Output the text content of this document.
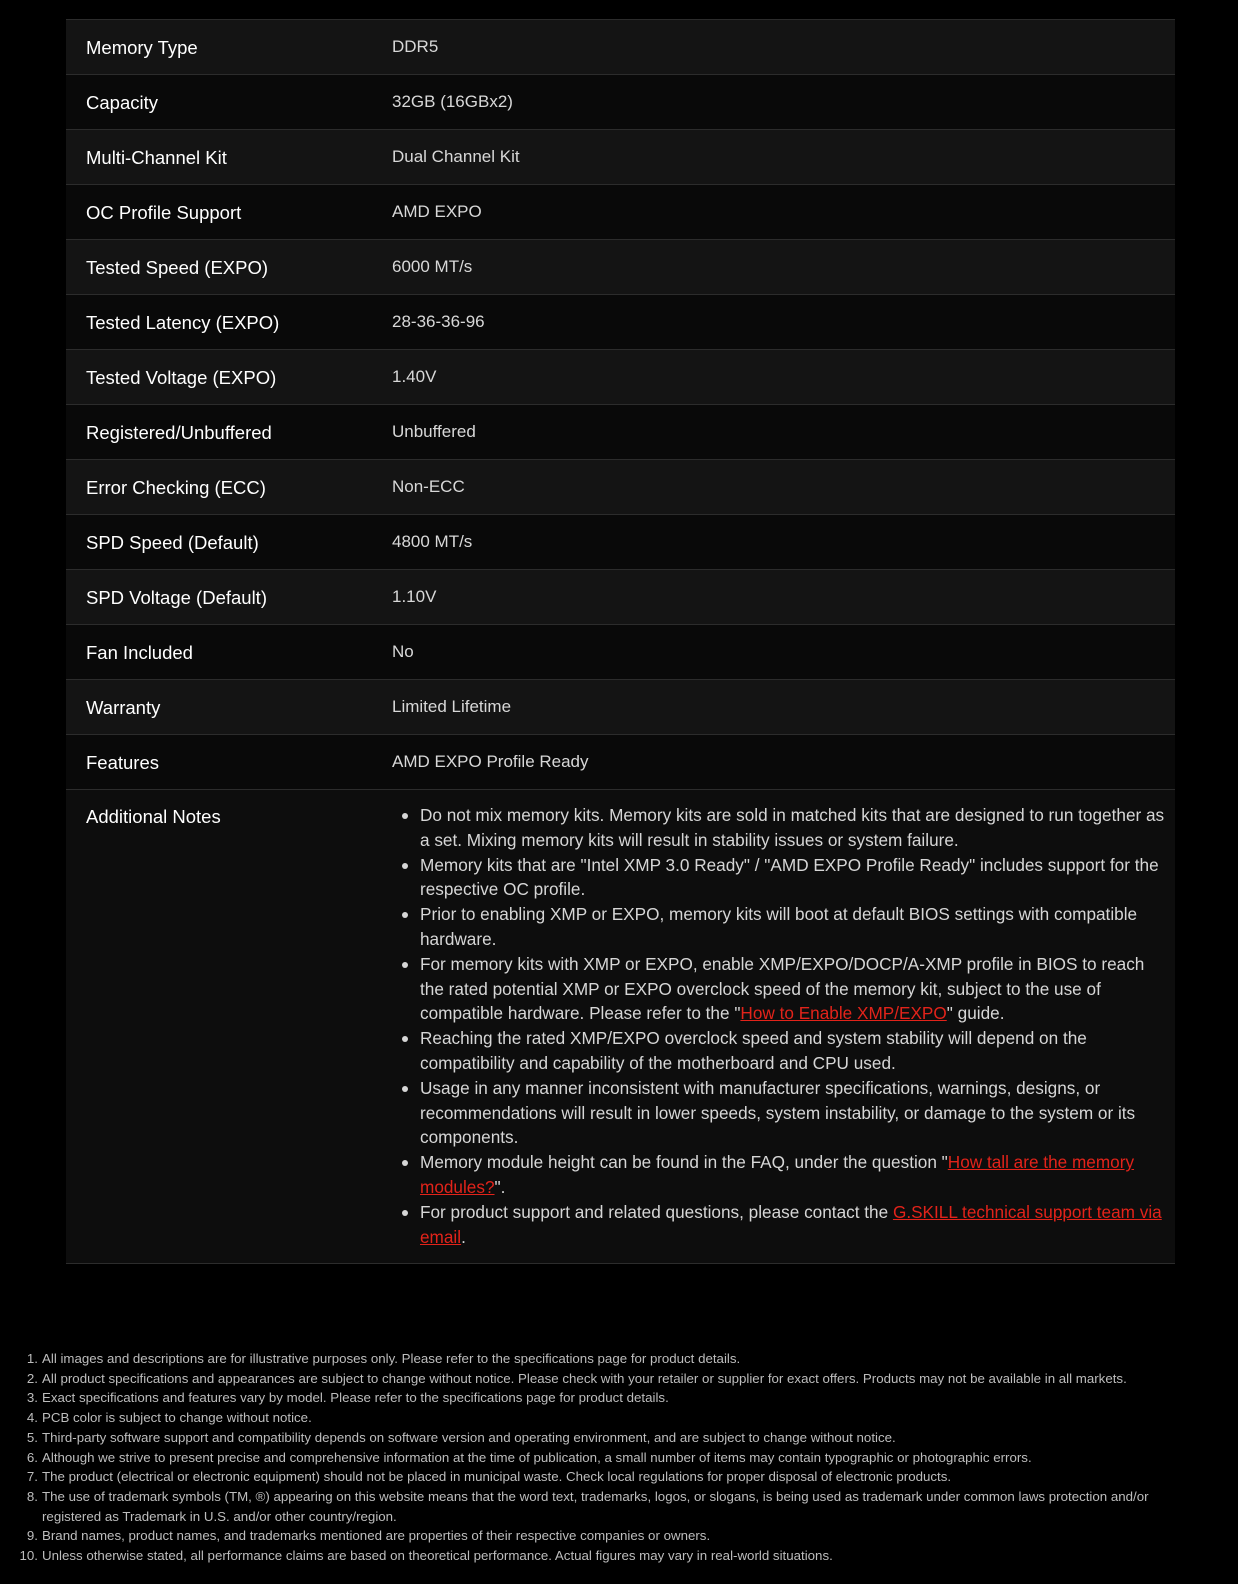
Memory Type	DDR5
Capacity	32GB (16GBx2)
Multi-Channel Kit	Dual Channel Kit
OC Profile Support	AMD EXPO
Tested Speed (EXPO)	6000 MT/s
Tested Latency (EXPO)	28-36-36-96
Tested Voltage (EXPO)	1.40V
Registered/Unbuffered	Unbuffered
Error Checking (ECC)	Non-ECC
SPD Speed (Default)	4800 MT/s
SPD Voltage (Default)	1.10V
Fan Included	No
Warranty	Limited Lifetime
Features	AMD EXPO Profile Ready
Additional Notes	Do not mix memory kits. Memory kits are sold in matched kits that are designed to run together as a set. Mixing memory kits will result in stability issues or system failure.
Memory kits that are "Intel XMP 3.0 Ready" / "AMD EXPO Profile Ready" includes support for the respective OC profile.
Prior to enabling XMP or EXPO, memory kits will boot at default BIOS settings with compatible hardware.
For memory kits with XMP or EXPO, enable XMP/EXPO/DOCP/A-XMP profile in BIOS to reach the rated potential XMP or EXPO overclock speed of the memory kit, subject to the use of compatible hardware. Please refer to the "How to Enable XMP/EXPO" guide.
Reaching the rated XMP/EXPO overclock speed and system stability will depend on the compatibility and capability of the motherboard and CPU used.
Usage in any manner inconsistent with manufacturer specifications, warnings, designs, or recommendations will result in lower speeds, system instability, or damage to the system or its components.
Memory module height can be found in the FAQ, under the question "How tall are the memory modules?".
For product support and related questions, please contact the G.SKILL technical support team via email.
1. All images and descriptions are for illustrative purposes only. Please refer to the specifications page for product details.
2. All product specifications and appearances are subject to change without notice. Please check with your retailer or supplier for exact offers. Products may not be available in all markets.
3. Exact specifications and features vary by model. Please refer to the specifications page for product details.
4. PCB color is subject to change without notice.
5. Third-party software support and compatibility depends on software version and operating environment, and are subject to change without notice.
6. Although we strive to present precise and comprehensive information at the time of publication, a small number of items may contain typographic or photographic errors.
7. The product (electrical or electronic equipment) should not be placed in municipal waste. Check local regulations for proper disposal of electronic products.
8. The use of trademark symbols (TM, ®) appearing on this website means that the word text, trademarks, logos, or slogans, is being used as trademark under common laws protection and/or registered as Trademark in U.S. and/or other country/region.
9. Brand names, product names, and trademarks mentioned are properties of their respective companies or owners.
10. Unless otherwise stated, all performance claims are based on theoretical performance. Actual figures may vary in real-world situations.
